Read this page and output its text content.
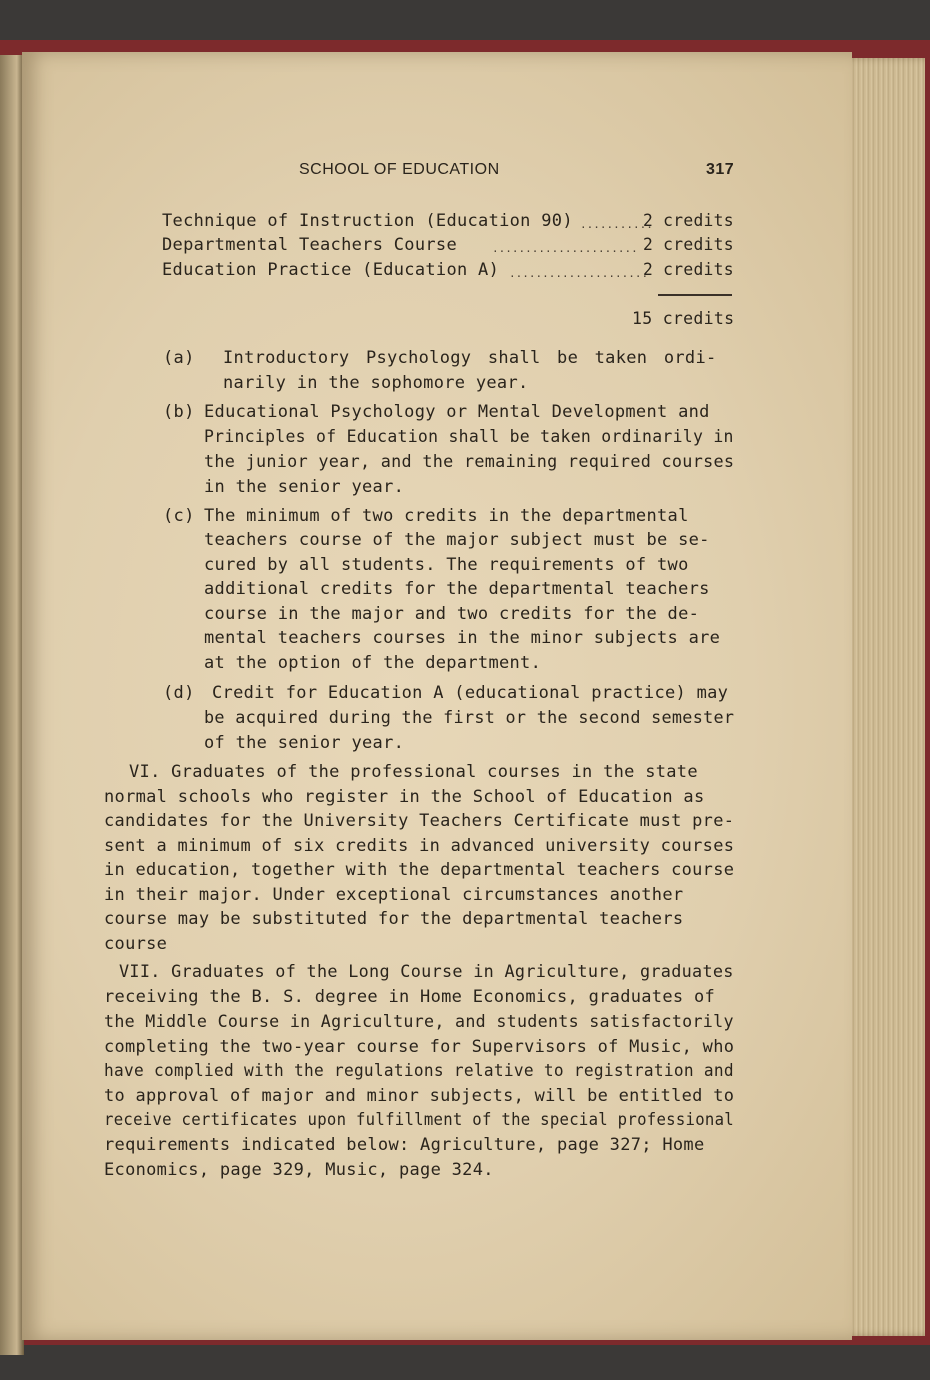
SCHOOL OF EDUCATION	317
Technique of Instruction (Education 90) ...........
2 credits
Departmental Teachers Course	...................... 2 credits
Education Practice (Education A) .....................
2 credits
15 credits
(a) Introductory Psychology shall be taken ordi-
narily in the sophomore year.
(b) Educational Psychology or Mental Development and
Principles of Education shall be taken ordinarily in
the junior year, and the remaining required courses
in the senior year.
(c) The minimum of two credits in the departmental
teachers course of the major subject must be se-
cured by all students. The requirements of two
additional credits for the departmental teachers
course in the major and two credits for the de-
mental teachers courses in the minor subjects are
at the option of the department.
(d) Credit for Education A (educational practice) may
be acquired during the first or the second semester
of the senior year.
VI. Graduates of the professional courses in the state
normal schools who register in the School of Education as
candidates for the University Teachers Certificate must pre-
sent a minimum of six credits in advanced university courses
in education, together with the departmental teachers course
in their major. Under exceptional circumstances another
course may be substituted for the departmental teachers
course
VII. Graduates of the Long Course in Agriculture, graduates
receiving the B. S. degree in Home Economics, graduates of
the Middle Course in Agriculture, and students satisfactorily
completing the two-year course for Supervisors of Music, who
have complied with the regulations relative to registration and
to approval of major and minor subjects, will be entitled to
receive certificates upon fulfillment of the special professional
requirements indicated below: Agriculture, page 327; Home
Economics, page 329, Music, page 324.
